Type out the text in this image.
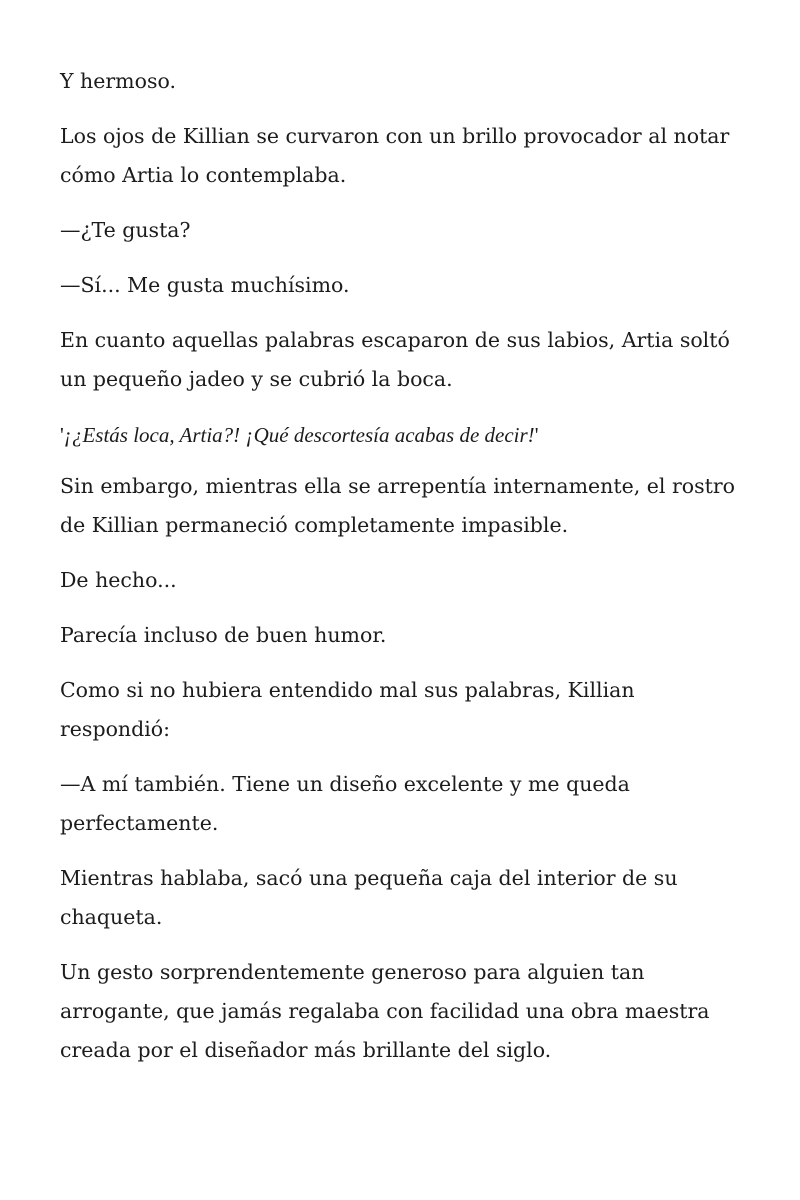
Y hermoso.

Los ojos de Killian se curvaron con un brillo provocador al notar cómo Artia lo contemplaba.

—¿Te gusta?

—Sí... Me gusta muchísimo.

En cuanto aquellas palabras escaparon de sus labios, Artia soltó un pequeño jadeo y se cubrió la boca.

'¡¿Estás loca, Artia?! ¡Qué descortesía acabas de decir!'

Sin embargo, mientras ella se arrepentía internamente, el rostro de Killian permaneció completamente impasible.

De hecho...

Parecía incluso de buen humor.

Como si no hubiera entendido mal sus palabras, Killian respondió:

—A mí también. Tiene un diseño excelente y me queda perfectamente.

Mientras hablaba, sacó una pequeña caja del interior de su chaqueta.

Un gesto sorprendentemente generoso para alguien tan arrogante, que jamás regalaba con facilidad una obra maestra creada por el diseñador más brillante del siglo.
